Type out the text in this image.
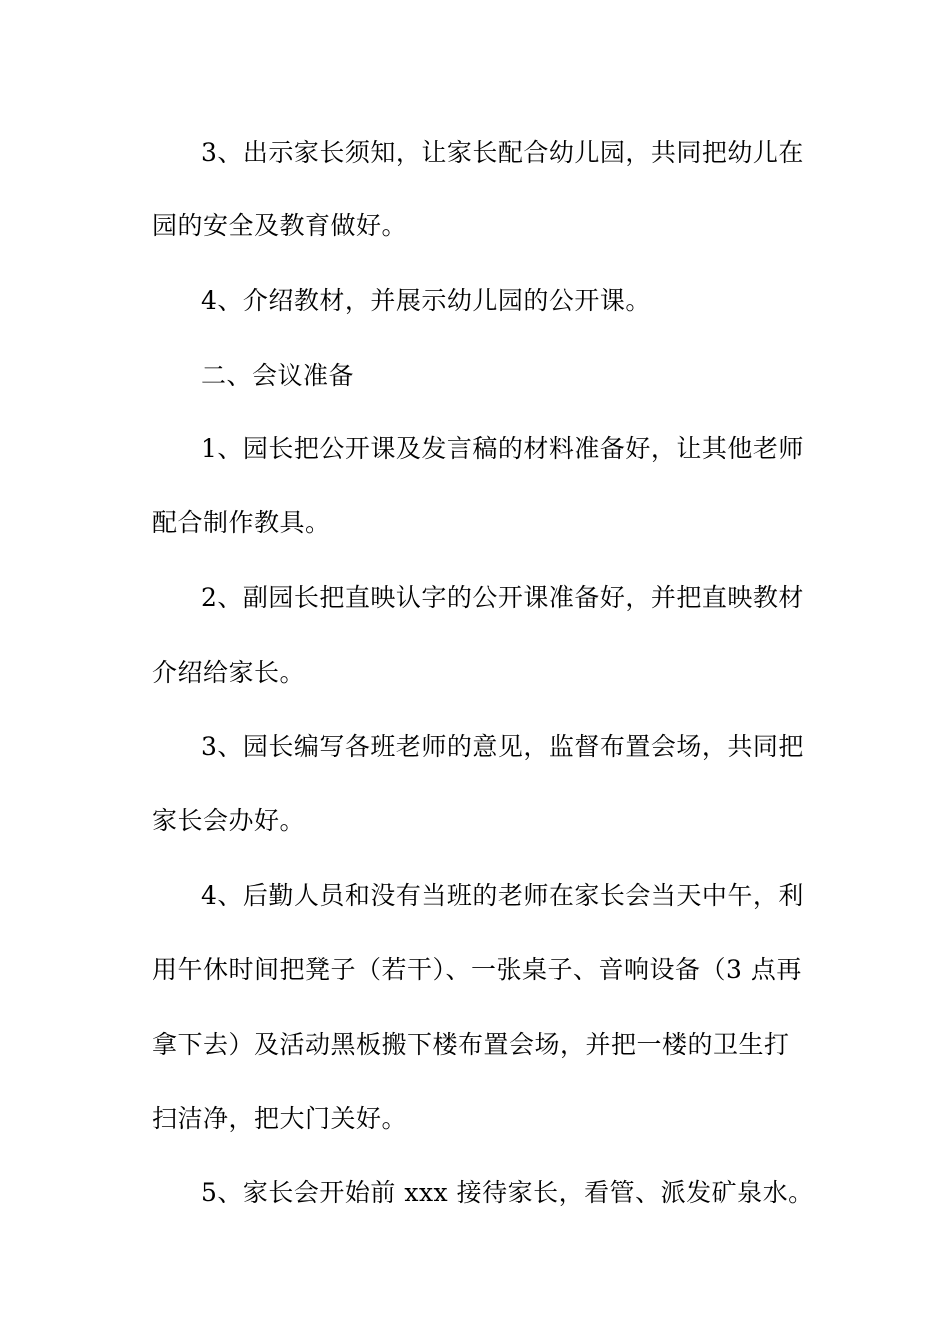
3、出示家长须知，让家长配合幼儿园，共同把幼儿在
园的安全及教育做好。
4、介绍教材，并展示幼儿园的公开课。
二、会议准备
1、园长把公开课及发言稿的材料准备好，让其他老师
配合制作教具。
2、副园长把直映认字的公开课准备好，并把直映教材
介绍给家长。
3、园长编写各班老师的意见，监督布置会场，共同把
家长会办好。
4、后勤人员和没有当班的老师在家长会当天中午，利
用午休时间把凳子（若干）、一张桌子、音响设备（3 点再
拿下去）及活动黑板搬下楼布置会场，并把一楼的卫生打
扫洁净，把大门关好。
5、家长会开始前 xxx 接待家长，看管、派发矿泉水。
